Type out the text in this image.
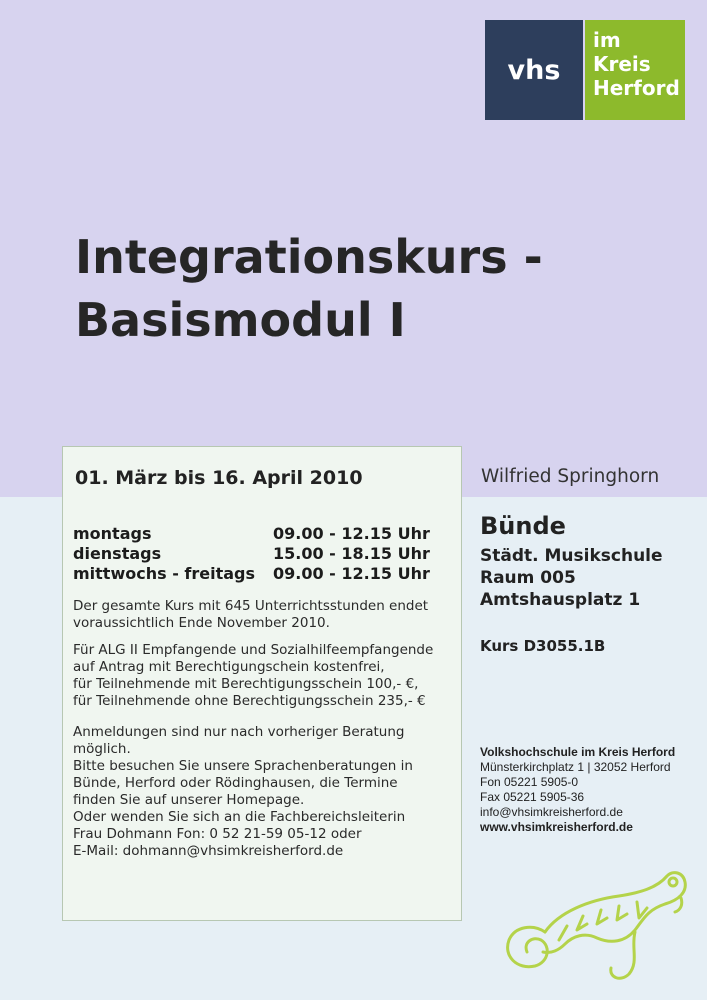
vhs
im
Kreis
Herford
Integrationskurs -
Basismodul I
01. März bis 16. April 2010
montags	09.00 - 12.15 Uhr
dienstags	15.00 - 18.15 Uhr
mittwochs - freitags	09.00 - 12.15 Uhr
Der gesamte Kurs mit 645 Unterrichtsstunden endet
voraussichtlich Ende November 2010.
Für ALG II Empfangende und Sozialhilfeempfangende
auf Antrag mit Berechtigungschein kostenfrei,
für Teilnehmende mit Berechtigungsschein 100,- €,
für Teilnehmende ohne Berechtigungsschein 235,- €
Anmeldungen sind nur nach vorheriger Beratung
möglich.
Bitte besuchen Sie unsere Sprachenberatungen in
Bünde, Herford oder Rödinghausen, die Termine
finden Sie auf unserer Homepage.
Oder wenden Sie sich an die Fachbereichsleiterin
Frau Dohmann Fon: 0 52 21-59 05-12 oder
E-Mail: dohmann@vhsimkreisherford.de

Wilfried Springhorn

Bünde

Städt. Musikschule
Raum 005
Amtshausplatz 1
Kurs D3055.1B
Volkshochschule im Kreis Herford
Münsterkirchplatz 1 | 32052 Herford
Fon 05221 5905-0
Fax 05221 5905-36
info@vhsimkreisherford.de
www.vhsimkreisherford.de
